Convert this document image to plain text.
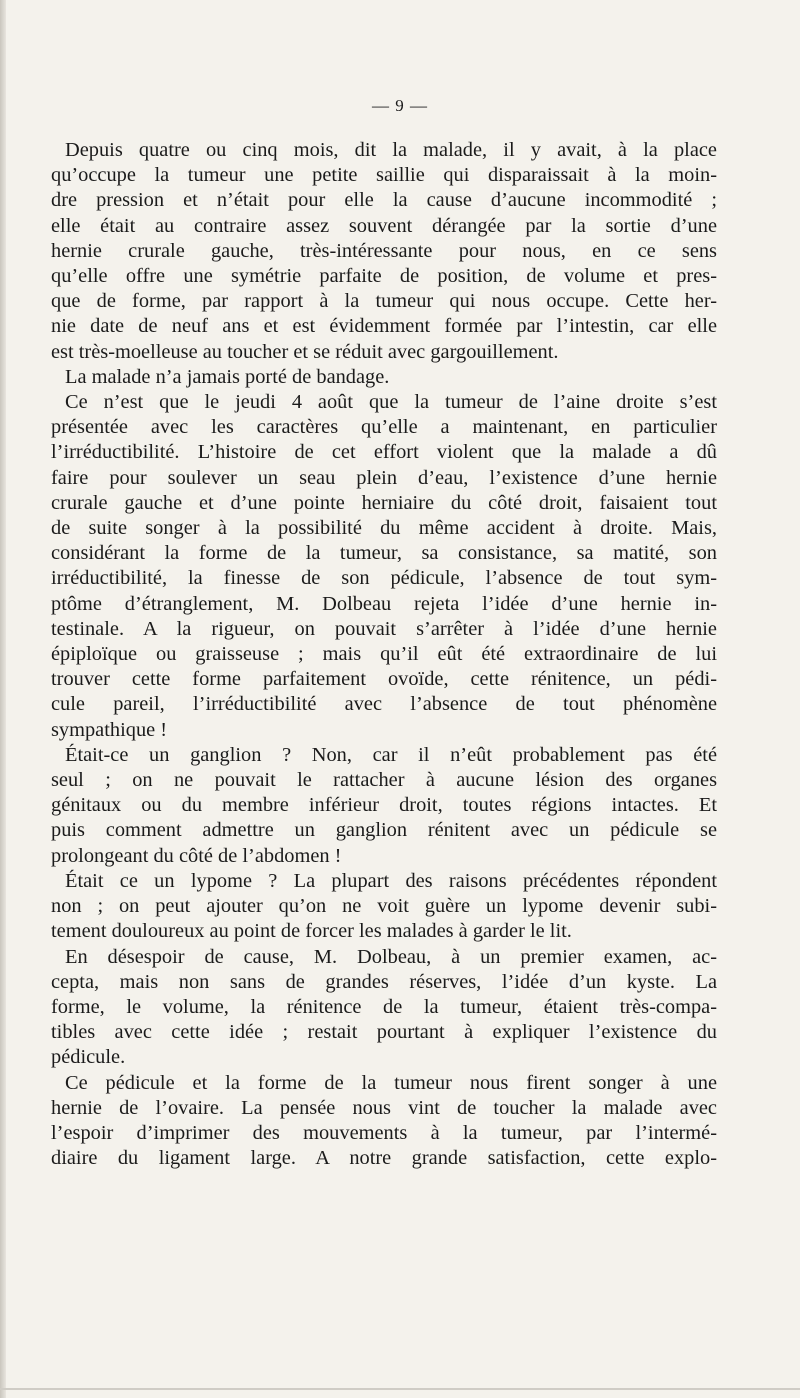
— 9 —

Depuis quatre ou cinq mois, dit la malade, il y avait, à la place

qu’occupe la tumeur une petite saillie qui disparaissait à la moin-

dre pression et n’était pour elle la cause d’aucune incommodité ;

elle était au contraire assez souvent dérangée par la sortie d’une

hernie crurale gauche, très-intéressante pour nous, en ce sens

qu’elle offre une symétrie parfaite de position, de volume et pres-

que de forme, par rapport à la tumeur qui nous occupe. Cette her-

nie date de neuf ans et est évidemment formée par l’intestin, car elle

est très-moelleuse au toucher et se réduit avec gargouillement.

La malade n’a jamais porté de bandage.

Ce n’est que le jeudi 4 août que la tumeur de l’aine droite s’est

présentée avec les caractères qu’elle a maintenant, en particulier

l’irréductibilité. L’histoire de cet effort violent que la malade a dû

faire pour soulever un seau plein d’eau, l’existence d’une hernie

crurale gauche et d’une pointe herniaire du côté droit, faisaient tout

de suite songer à la possibilité du même accident à droite. Mais,

considérant la forme de la tumeur, sa consistance, sa matité, son

irréductibilité, la finesse de son pédicule, l’absence de tout sym-

ptôme d’étranglement, M. Dolbeau rejeta l’idée d’une hernie in-

testinale. A la rigueur, on pouvait s’arrêter à l’idée d’une hernie

épiploïque ou graisseuse ; mais qu’il eût été extraordinaire de lui

trouver cette forme parfaitement ovoïde, cette rénitence, un pédi-

cule pareil, l’irréductibilité avec l’absence de tout phénomène

sympathique !

Était-ce un ganglion ? Non, car il n’eût probablement pas été

seul ; on ne pouvait le rattacher à aucune lésion des organes

génitaux ou du membre inférieur droit, toutes régions intactes. Et

puis comment admettre un ganglion rénitent avec un pédicule se

prolongeant du côté de l’abdomen !

Était ce un lypome ? La plupart des raisons précédentes répondent

non ; on peut ajouter qu’on ne voit guère un lypome devenir subi-

tement douloureux au point de forcer les malades à garder le lit.

En désespoir de cause, M. Dolbeau, à un premier examen, ac-

cepta, mais non sans de grandes réserves, l’idée d’un kyste. La

forme, le volume, la rénitence de la tumeur, étaient très-compa-

tibles avec cette idée ; restait pourtant à expliquer l’existence du

pédicule.

Ce pédicule et la forme de la tumeur nous firent songer à une

hernie de l’ovaire. La pensée nous vint de toucher la malade avec

l’espoir d’imprimer des mouvements à la tumeur, par l’intermé-

diaire du ligament large. A notre grande satisfaction, cette explo-
